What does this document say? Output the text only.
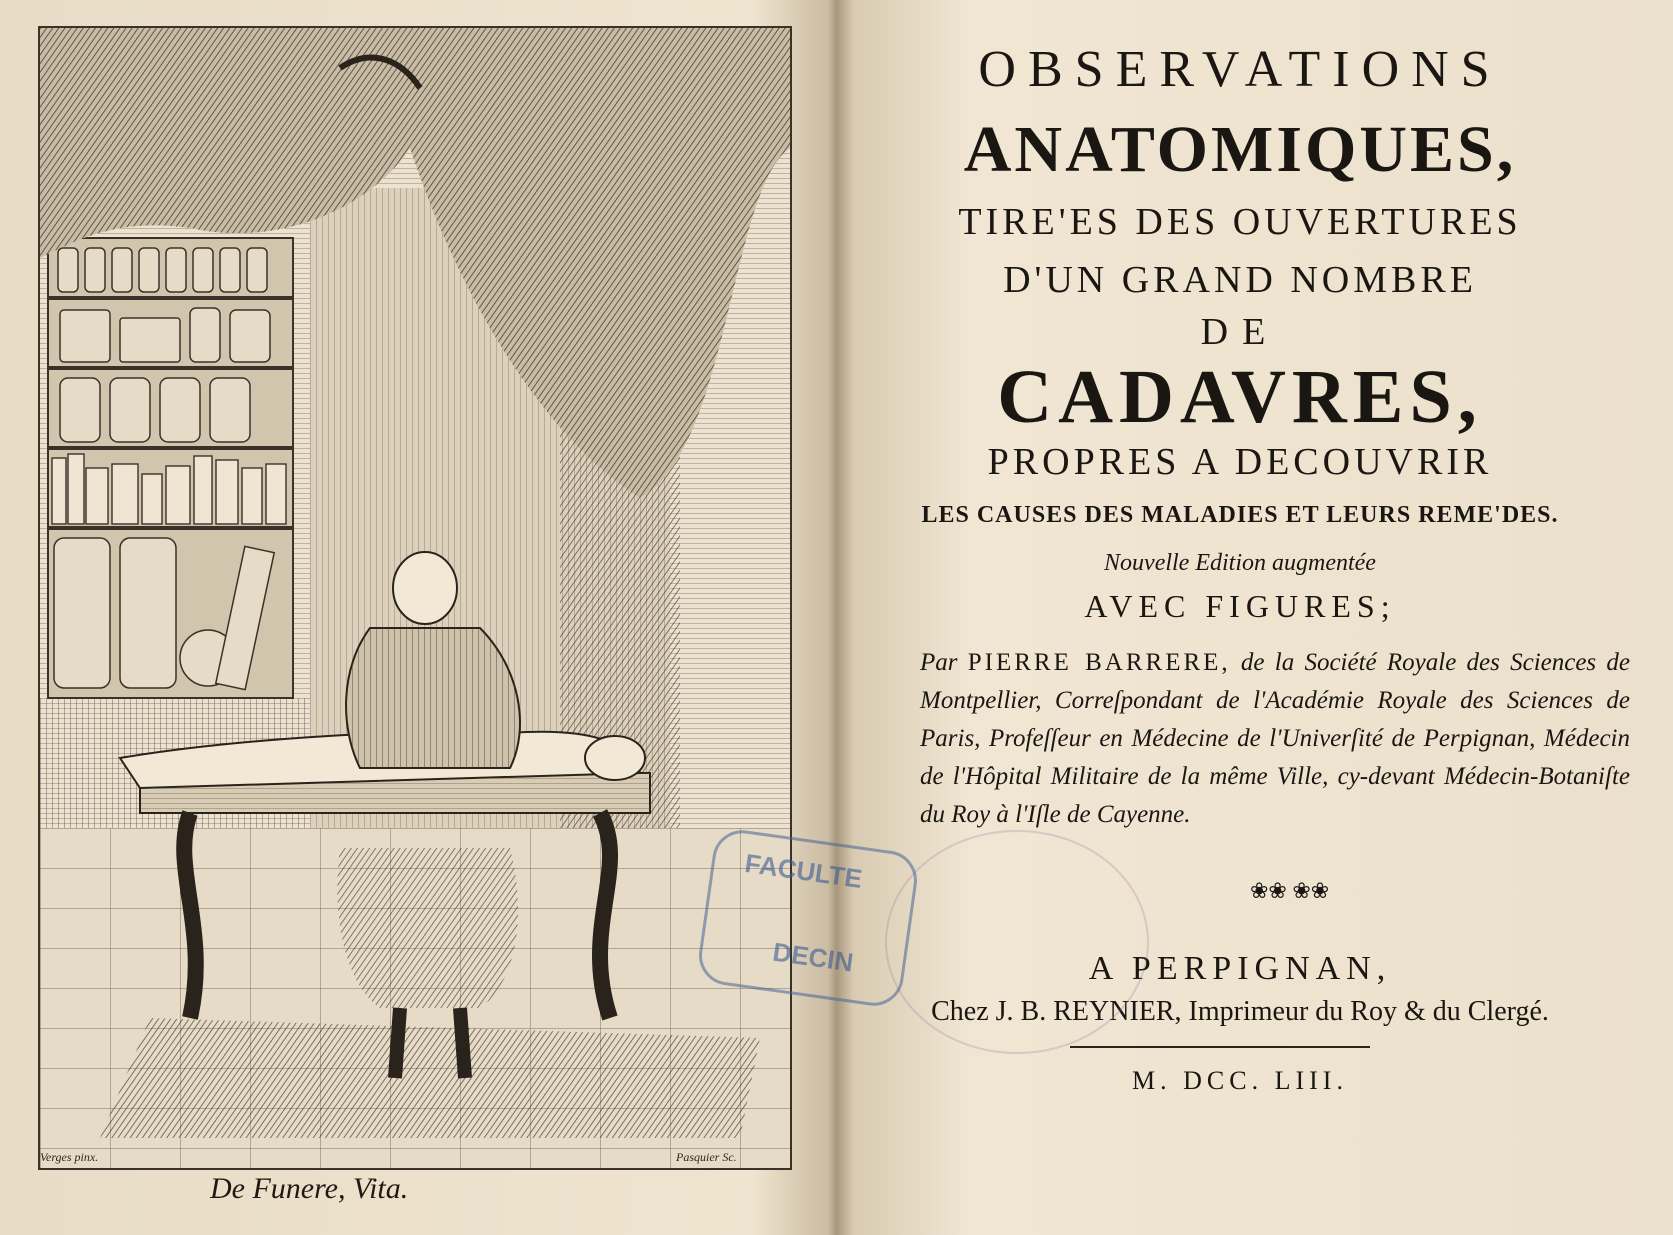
Verges pinx.	Pasquier Sc.
De Funere, Vita.
OBSERVATIONS
ANATOMIQUES,
TIRE'ES DES OUVERTURES
D'UN GRAND NOMBRE
DE
CADAVRES,
PROPRES A DECOUVRIR
LES CAUSES DES MALADIES ET LEURS REME'DES.
Nouvelle Edition augmentée
AVEC FIGURES;
Par PIERRE BARRERE, de la Société Royale des Sciences de Montpellier, Correſpondant de l'Académie Royale des Sciences de Paris, Profeſſeur en Médecine de l'Univerſité de Perpignan, Médecin de l'Hôpital Militaire de la même Ville, cy-devant Médecin-Botaniſte du Roy à l'Iſle de Cayenne.
❀❀ ❀❀
A PERPIGNAN,
Chez J. B. REYNIER, Imprimeur du Roy & du Clergé.
M. DCC. LIII.
FACULTE
DECIN
